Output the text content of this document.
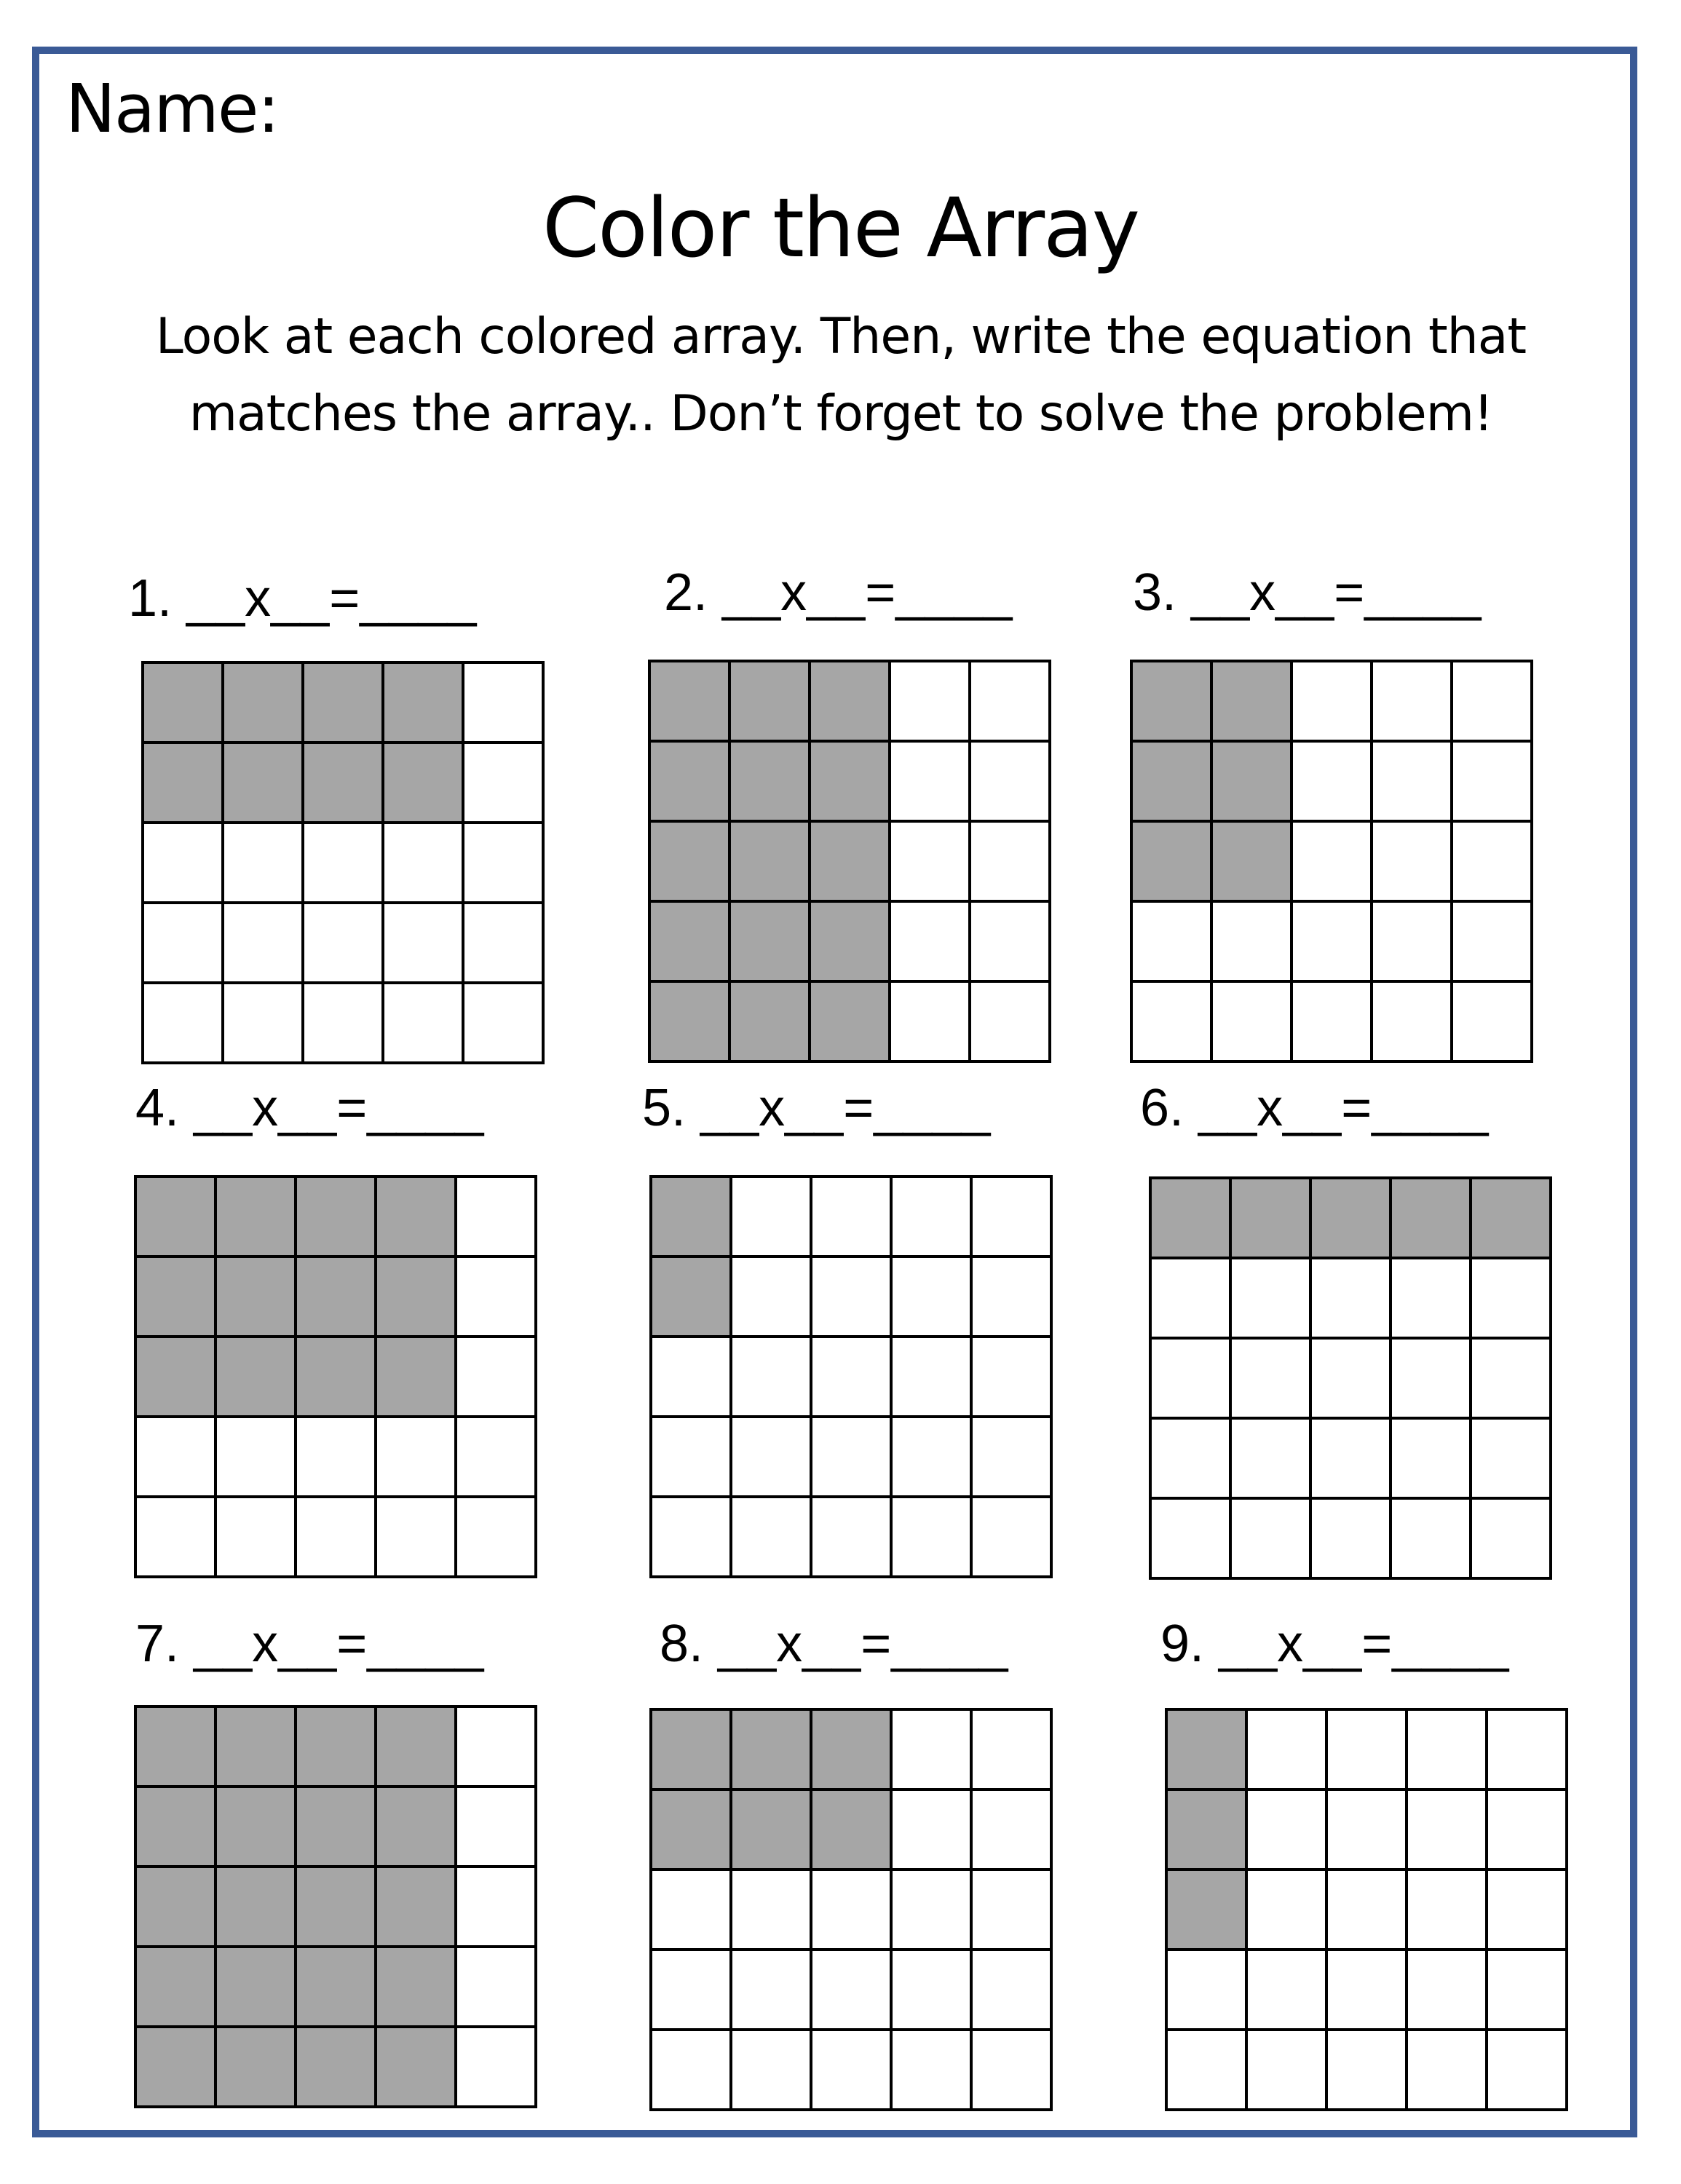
Name:
Color the Array
Look at each colored array. Then, write the equation that
matches the array.. Don’t forget to solve the problem!
1. __x__=____	2. __x__=____ 3. __x__=____
4. __x__=____	5. __x__=____	6. __x__=____
7. __x__=____	8. __x__=____	9. __x__=____
